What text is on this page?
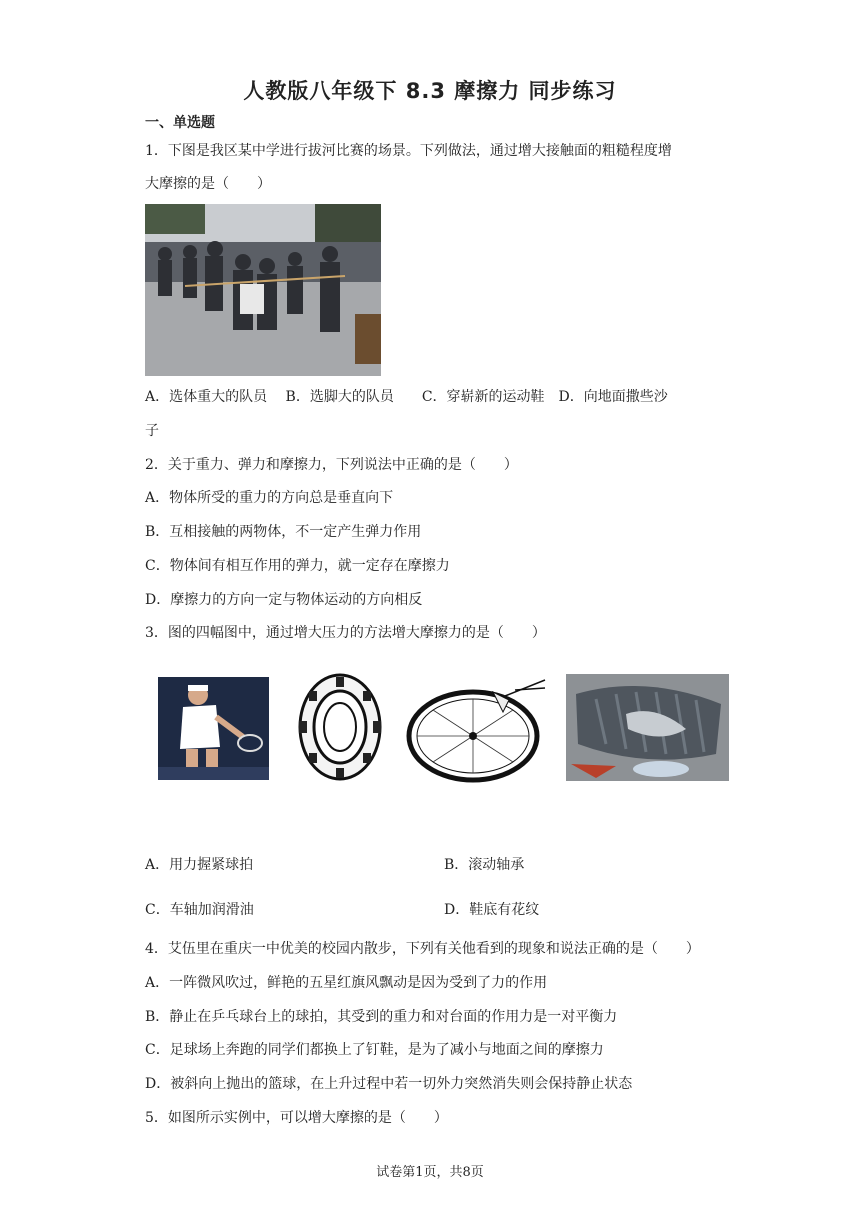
人教版八年级下 8.3 摩擦力 同步练习
一、单选题
1．下图是我区某中学进行拔河比赛的场景。下列做法，通过增大接触面的粗糙程度增
大摩擦的是（　　）
A．选体重大的队员　 B．选脚大的队员　　C．穿崭新的运动鞋　D．向地面撒些沙
子
2．关于重力、弹力和摩擦力，下列说法中正确的是（　　）
A．物体所受的重力的方向总是垂直向下
B．互相接触的两物体，不一定产生弹力作用
C．物体间有相互作用的弹力，就一定存在摩擦力
D．摩擦力的方向一定与物体运动的方向相反
3．图的四幅图中，通过增大压力的方法增大摩擦力的是（　　）
A．用力握紧球拍	B．滚动轴承
C．车轴加润滑油	D．鞋底有花纹
4．艾伍里在重庆一中优美的校园内散步，下列有关他看到的现象和说法正确的是（　　）
A．一阵微风吹过，鲜艳的五星红旗风飘动是因为受到了力的作用
B．静止在乒乓球台上的球拍，其受到的重力和对台面的作用力是一对平衡力
C．足球场上奔跑的同学们都换上了钉鞋，是为了减小与地面之间的摩擦力
D．被斜向上抛出的篮球，在上升过程中若一切外力突然消失则会保持静止状态
5．如图所示实例中，可以增大摩擦的是（　　）
试卷第1页，共8页
